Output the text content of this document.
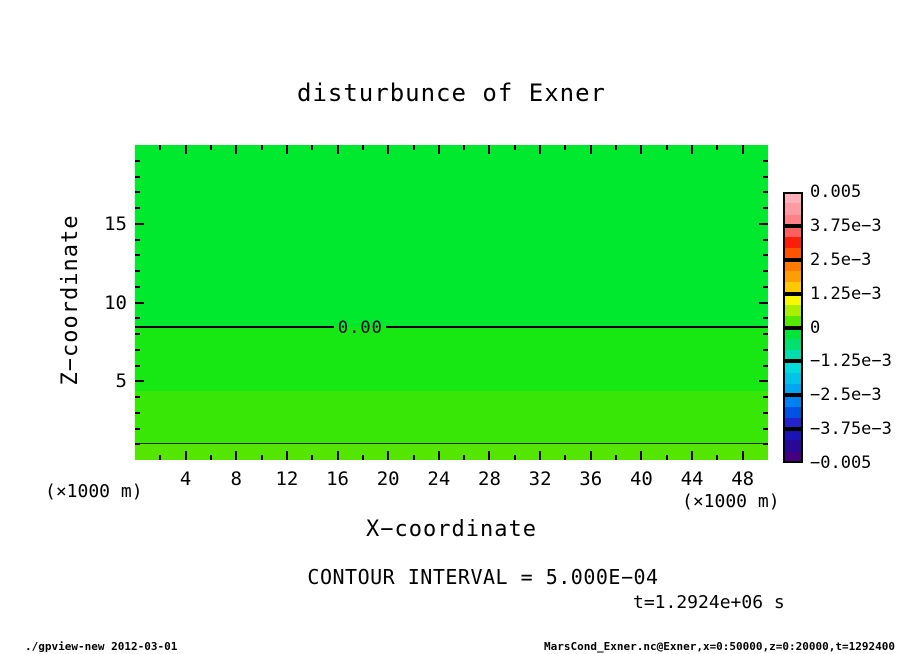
disturbunce of Exner
0.00
Z−coordinate
X−coordinate
(×1000 m)	(×1000 m)
4 8 12 16 20 24 28 32 36 40 44 48
5
10
15
0.005
3.75e−3
2.5e−3
1.25e−3
0
−1.25e−3
−2.5e−3
−3.75e−3
−0.005
CONTOUR INTERVAL = 5.000E−04
t=1.2924e+06 s
./gpview-new 2012-03-01	MarsCond_Exner.nc@Exner,x=0:50000,z=0:20000,t=1292400
